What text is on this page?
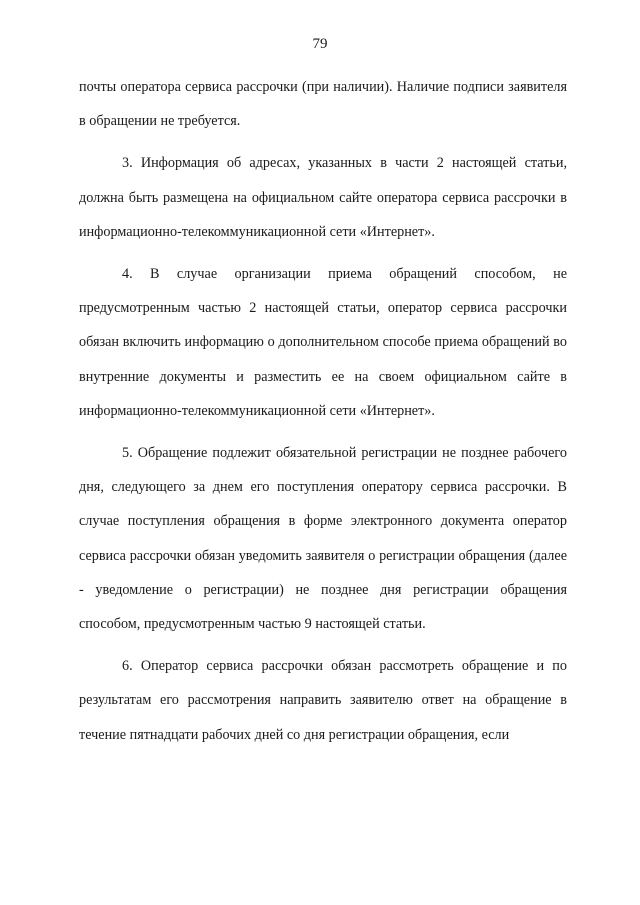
79

почты оператора сервиса рассрочки (при наличии). Наличие подписи заявителя в обращении не требуется.

3. Информация об адресах, указанных в части 2 настоящей статьи, должна быть размещена на официальном сайте оператора сервиса рассрочки в информационно-телекоммуникационной сети «Интернет».

4. В случае организации приема обращений способом, не предусмотренным частью 2 настоящей статьи, оператор сервиса рассрочки обязан включить информацию о дополнительном способе приема обращений во внутренние документы и разместить ее на своем официальном сайте в информационно-телекоммуникационной сети «Интернет».

5. Обращение подлежит обязательной регистрации не позднее рабочего дня, следующего за днем его поступления оператору сервиса рассрочки. В случае поступления обращения в форме электронного документа оператор сервиса рассрочки обязан уведомить заявителя о регистрации обращения (далее - уведомление о регистрации) не позднее дня регистрации обращения способом, предусмотренным частью 9 настоящей статьи.

6. Оператор сервиса рассрочки обязан рассмотреть обращение и по результатам его рассмотрения направить заявителю ответ на обращение в течение пятнадцати рабочих дней со дня регистрации обращения, если
